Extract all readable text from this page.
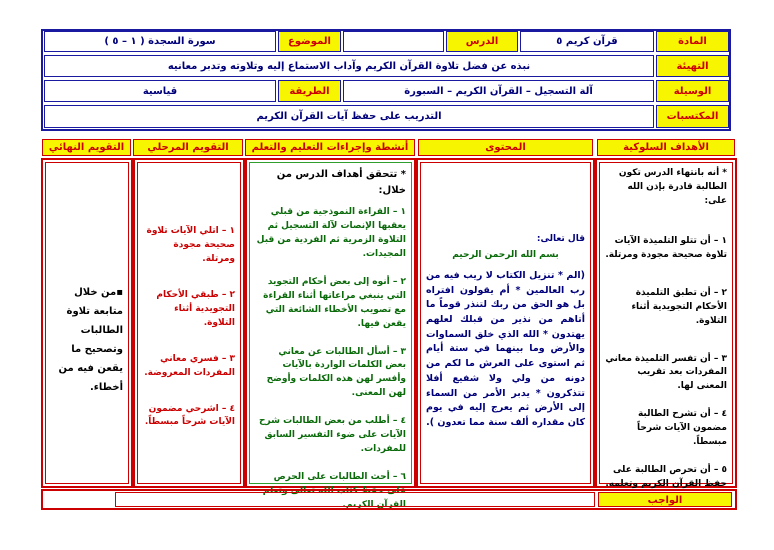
المادة
قرآن كريم ٥
الدرس
الموضوع
سورة السجدة ( ١ – ٥ )
التهيئة
نبذه عن فضل تلاوة القرآن الكريم وآداب الاستماع إليه وتلاوته وتدبر معانيه
الوسيلة
آلة التسجيل – القرآن الكريم – السبورة
الطريقة
قياسية
المكتسبات
التدريب على حفظ آيات القرآن الكريم
الأهداف السلوكية
المحتوى
أنشطة وإجراءات التعليم والتعلم
التقويم المرحلي
التقويم النهائي

* أنه بانتهاء الدرس تكون الطالبة قادرة بإذن الله على:

١ – أن تتلو التلميذة الآيات تلاوة صحيحة مجودة ومرتلة.

٢ – أن تطبق التلميذة الأحكام التجويدية أثناء التلاوة.

٣ – أن تفسر التلميذة معاني المفردات بعد تقريب المعنى لها.

٤ – أن تشرح الطالبة مضمون الآيات شرحاً مبسطاً.

٥ – أن تحرص الطالبة على حفظ القرآن الكريم وتعلمه.

قال تعالى:
بسم الله الرحمن الرحيم
(الم * تنزيل الكتاب لا ريب فيه من رب العالمين * أم يقولون افتراه بل هو الحق من ربك لتنذر قوماً ما أتاهم من نذير من قبلك لعلهم يهتدون * الله الذي خلق السماوات والأرض وما بينهما في ستة أيام ثم استوى على العرش ما لكم من دونه من ولي ولا شفيع أفلا تتذكرون * يدبر الأمر من السماء إلى الأرض ثم يعرج إليه في يوم كان مقداره ألف سنة مما تعدون ).

* تتحقق أهداف الدرس من خلال:

١ – القراءة النموذجية من قبلي يعقبها الإنصات لآلة التسجيل ثم التلاوة الزمرية ثم الفردية من قبل المجيدات.

٢ – أنوه إلى بعض أحكام التجويد التي ينبغي مراعاتها أثناء القراءة مع تصويب الأخطاء الشائعة التي يقعن فيها.

٣ – أسأل الطالبات عن معاني بعض الكلمات الواردة بالآيات وأفسر لهن هذه الكلمات وأوضح لهن المعنى.

٤ – أطلب من بعض الطالبات شرح الآيات على ضوء التفسير السابق للمفردات.

٦ – أحث الطالبات على الحرص على حفظ كتاب الله تعالى وتعلم القرآن الكريم.

١ – اتلي الآيات تلاوة صحيحة مجودة ومرتلة.

٢ – طبقي الأحكام التجويدية أثناء التلاوة.

٣ – فسري معاني المفردات المعروضة.

٤ – اشرحي مضمون الآيات شرحاً مبسطاً.

▪من خلال متابعة تلاوة الطالبات وتصحيح ما يقعن فيه من أخطاء.
الواجب
